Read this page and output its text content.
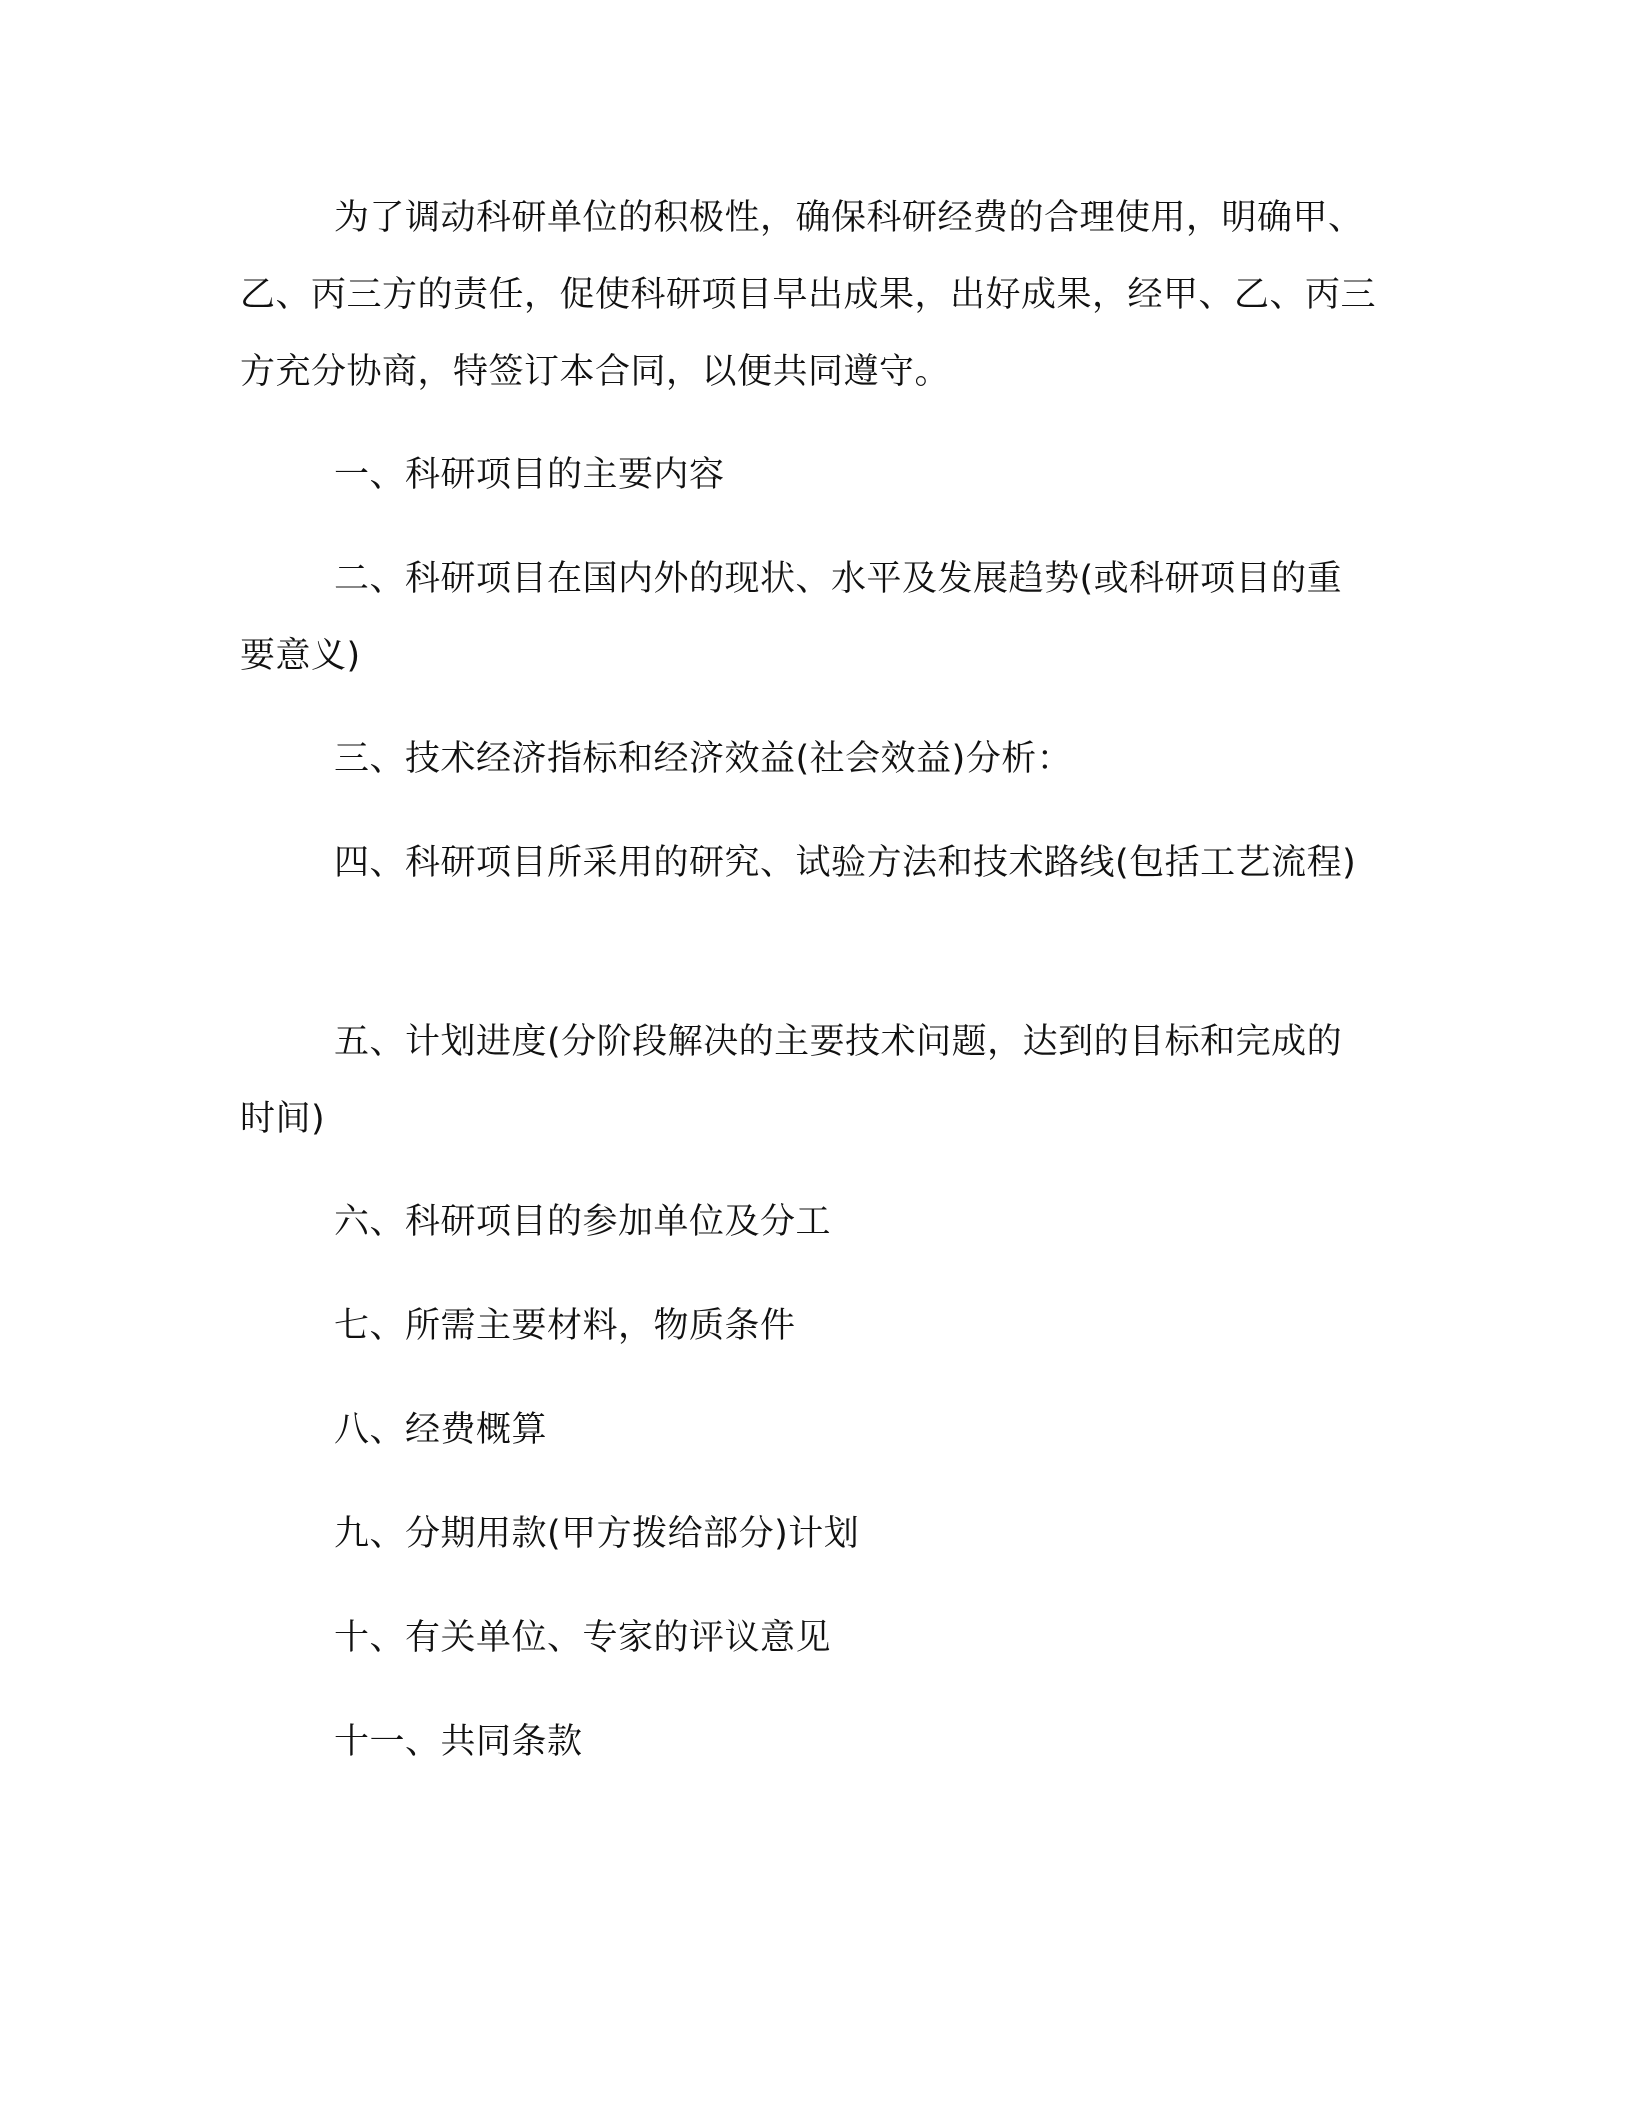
为了调动科研单位的积极性，确保科研经费的合理使用，明确甲、乙、丙三方的责任，促使科研项目早出成果，出好成果，经甲、乙、丙三方充分协商，特签订本合同，以便共同遵守。

一、科研项目的主要内容

二、科研项目在国内外的现状、水平及发展趋势(或科研项目的重要意义)

三、技术经济指标和经济效益(社会效益)分析：

四、科研项目所采用的研究、试验方法和技术路线(包括工艺流程)

五、计划进度(分阶段解决的主要技术问题，达到的目标和完成的时间)

六、科研项目的参加单位及分工

七、所需主要材料，物质条件

八、经费概算

九、分期用款(甲方拨给部分)计划

十、有关单位、专家的评议意见

十一、共同条款
